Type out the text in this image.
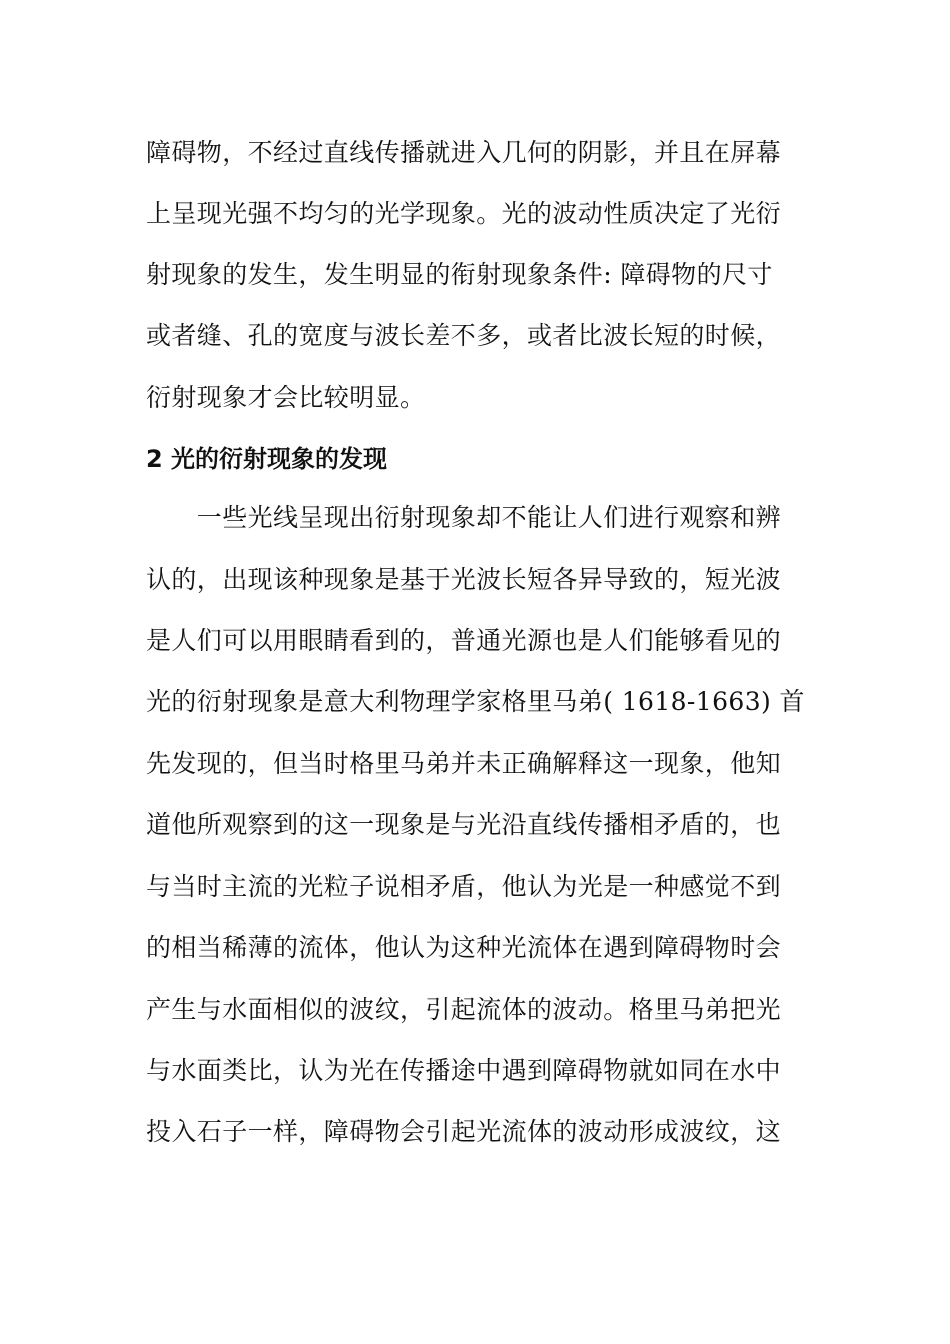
障碍物，不经过直线传播就进入几何的阴影，并且在屏幕
上呈现光强不均匀的光学现象。光的波动性质决定了光衍
射现象的发生，发生明显的衔射现象条件: 障碍物的尺寸
或者缝、孔的宽度与波长差不多，或者比波长短的时候，
衍射现象才会比较明显。
2 光的衍射现象的发现
　　一些光线呈现出衍射现象却不能让人们进行观察和辨
认的，出现该种现象是基于光波长短各异导致的，短光波
是人们可以用眼睛看到的，普通光源也是人们能够看见的
光的衍射现象是意大利物理学家格里马弟( 1618-1663) 首
先发现的，但当时格里马弟并未正确解释这一现象，他知
道他所观察到的这一现象是与光沿直线传播相矛盾的，也
与当时主流的光粒子说相矛盾，他认为光是一种感觉不到
的相当稀薄的流体，他认为这种光流体在遇到障碍物时会
产生与水面相似的波纹，引起流体的波动。格里马弟把光
与水面类比，认为光在传播途中遇到障碍物就如同在水中
投入石子一样，障碍物会引起光流体的波动形成波纹，这
